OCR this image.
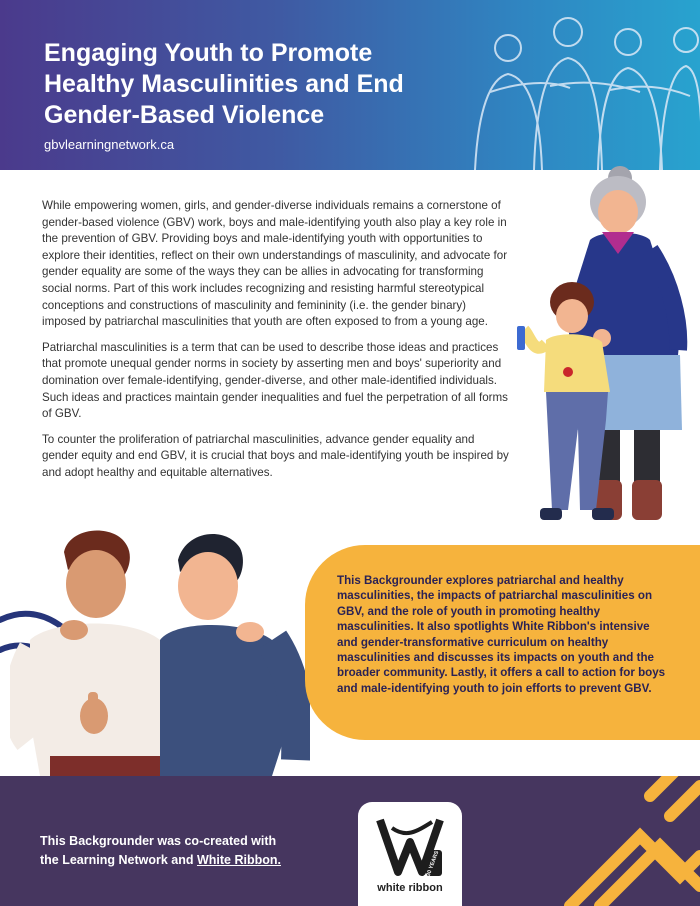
Engaging Youth to Promote Healthy Masculinities and End Gender-Based Violence
gbvlearningnetwork.ca

While empowering women, girls, and gender-diverse individuals remains a cornerstone of gender-based violence (GBV) work, boys and male-identifying youth also play a key role in the prevention of GBV. Providing boys and male-identifying youth with opportunities to explore their identities, reflect on their own understandings of masculinity, and advocate for gender equality are some of the ways they can be allies in advocating for transforming social norms. Part of this work includes recognizing and resisting harmful stereotypical conceptions and constructions of masculinity and femininity (i.e. the gender binary) imposed by patriarchal masculinities that youth are often exposed to from a young age.

Patriarchal masculinities is a term that can be used to describe those ideas and practices that promote unequal gender norms in society by asserting men and boys' superiority and domination over female-identifying, gender-diverse, and other male-identified individuals. Such ideas and practices maintain gender inequalities and fuel the perpetration of all forms of GBV.

To counter the proliferation of patriarchal masculinities, advance gender equality and gender equity and end GBV, it is crucial that boys and male-identifying youth be inspired by and adopt healthy and equitable alternatives.

This Backgrounder explores patriarchal and healthy masculinities, the impacts of patriarchal masculinities on GBV, and the role of youth in promoting healthy masculinities. It also spotlights White Ribbon's intensive and gender-transformative curriculum on healthy masculinities and discusses its impacts on youth and the broader community. Lastly, it offers a call to action for boys and male-identifying youth to join efforts to prevent GBV.

This Backgrounder was co-created with
the Learning Network and White Ribbon.	30 YEARS
white ribbon
